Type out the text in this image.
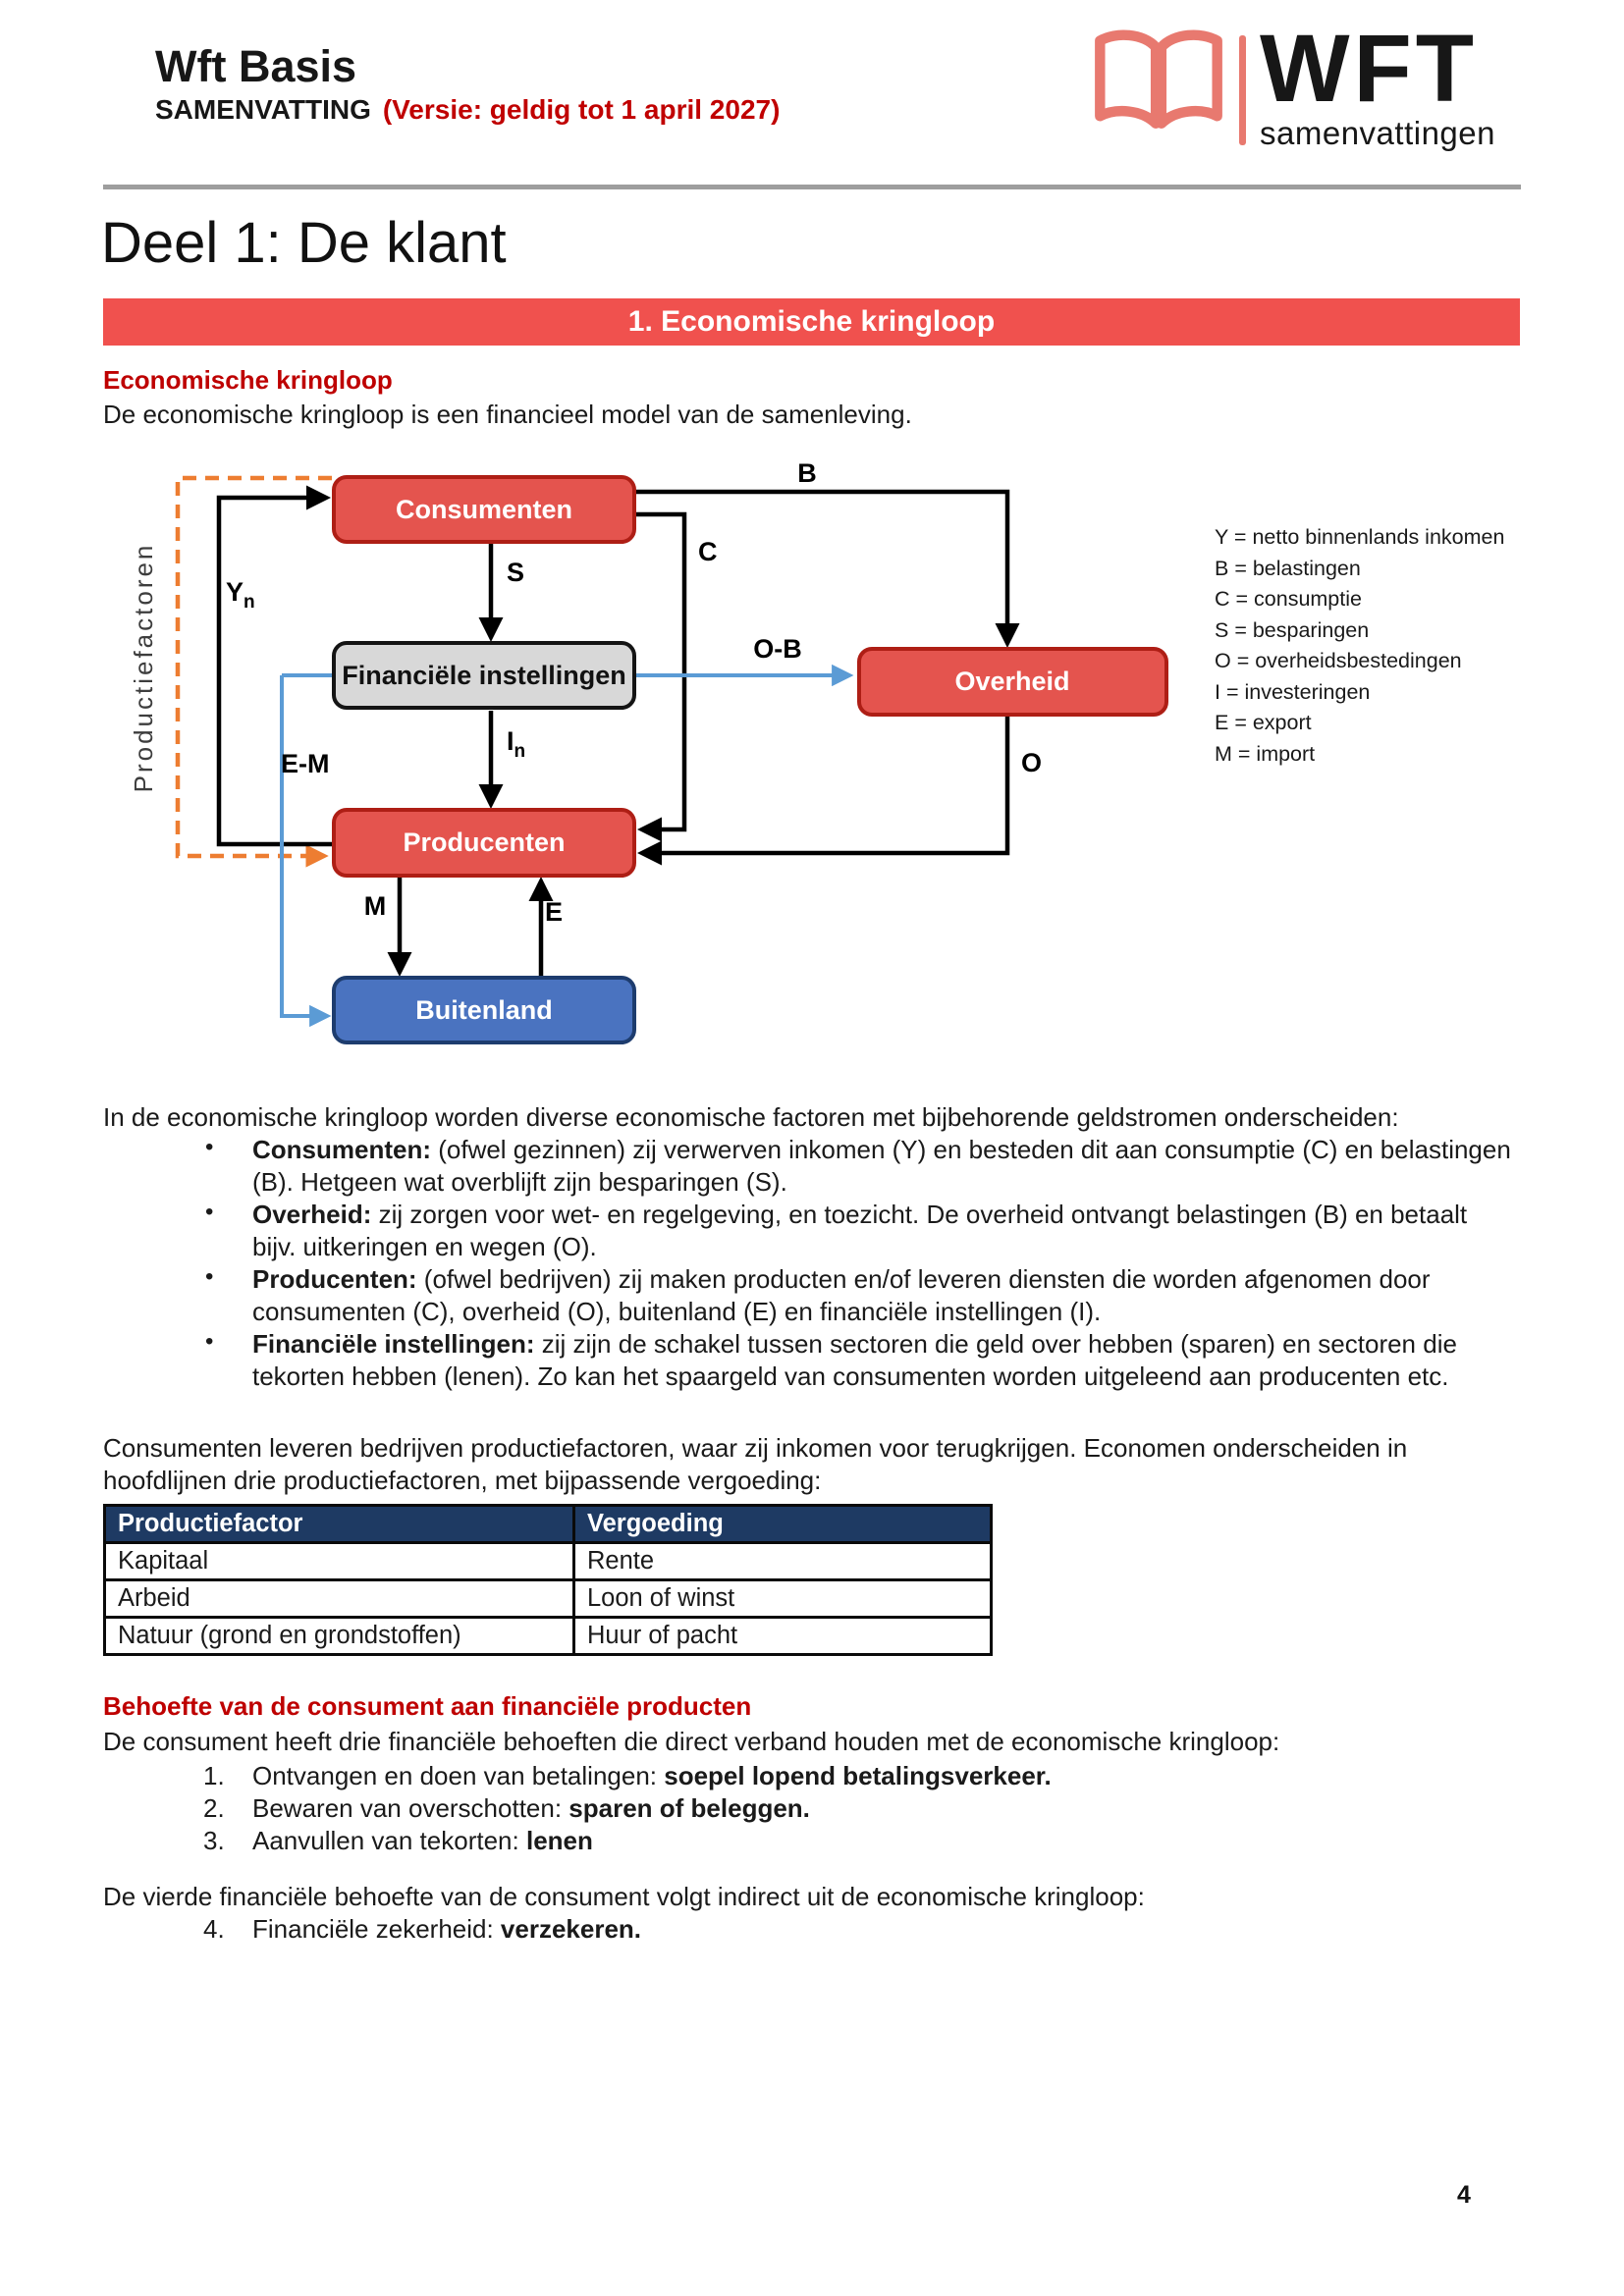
Wft Basis
SAMENVATTING (Versie: geldig tot 1 april 2027)	WFT
samenvattingen
Deel 1: De klant
1. Economische kringloop
Economische kringloop
De economische kringloop is een financieel model van de samenleving.
Consumenten
Financiële instellingen	Overheid
Producenten
Buitenland
B
C
S
O-B
Yn
In
E-M	O
M	E
Productiefactoren
Y = netto binnenlands inkomen
B = belastingen
C = consumptie
S = besparingen
O = overheidsbestedingen
I = investeringen
E = export
M = import
In de economische kringloop worden diverse economische factoren met bijbehorende geldstromen onderscheiden:
• Consumenten: (ofwel gezinnen) zij verwerven inkomen (Y) en besteden dit aan consumptie (C) en belastingen
(B). Hetgeen wat overblijft zijn besparingen (S).
• Overheid: zij zorgen voor wet- en regelgeving, en toezicht. De overheid ontvangt belastingen (B) en betaalt
bijv. uitkeringen en wegen (O).
• Producenten: (ofwel bedrijven) zij maken producten en/of leveren diensten die worden afgenomen door
consumenten (C), overheid (O), buitenland (E) en financiële instellingen (I).
• Financiële instellingen: zij zijn de schakel tussen sectoren die geld over hebben (sparen) en sectoren die
tekorten hebben (lenen). Zo kan het spaargeld van consumenten worden uitgeleend aan producenten etc.
Consumenten leveren bedrijven productiefactoren, waar zij inkomen voor terugkrijgen. Economen onderscheiden in
hoofdlijnen drie productiefactoren, met bijpassende vergoeding:
Productiefactor	Vergoeding
Kapitaal	Rente
Arbeid	Loon of winst
Natuur (grond en grondstoffen)	Huur of pacht
Behoefte van de consument aan financiële producten
De consument heeft drie financiële behoeften die direct verband houden met de economische kringloop:
1. Ontvangen en doen van betalingen: soepel lopend betalingsverkeer.
2. Bewaren van overschotten: sparen of beleggen.
3. Aanvullen van tekorten: lenen
De vierde financiële behoefte van de consument volgt indirect uit de economische kringloop:
4. Financiële zekerheid: verzekeren.
4
